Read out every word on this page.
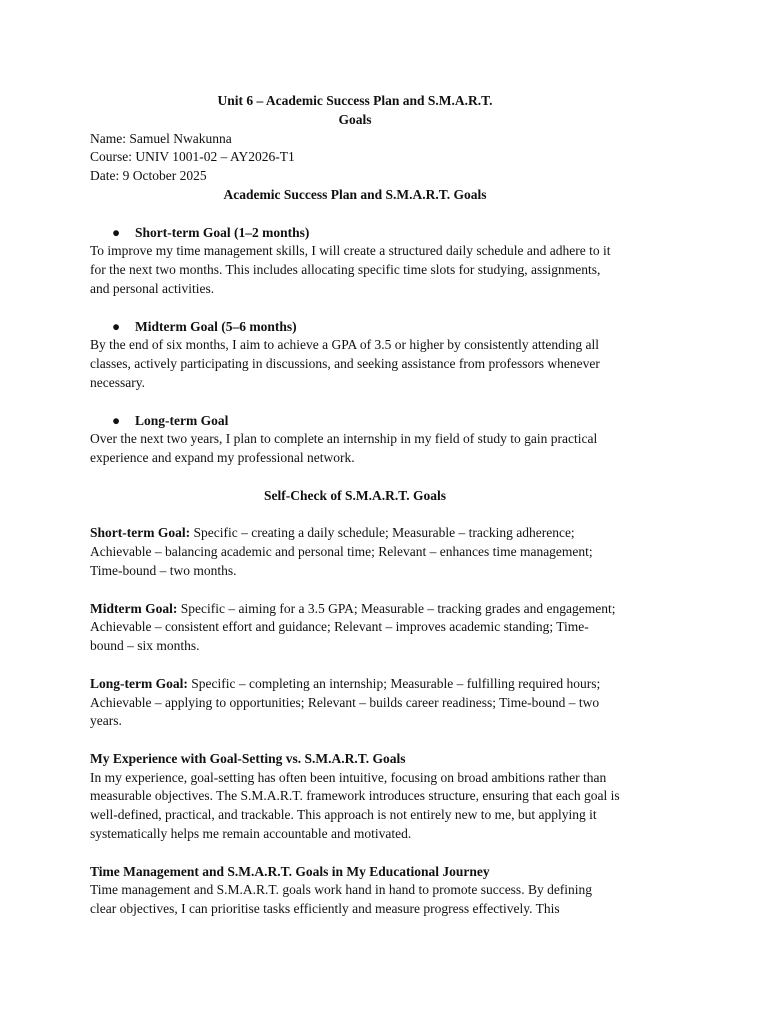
Unit 6 – Academic Success Plan and S.M.A.R.T. Goals

Name: Samuel Nwakunna

Course: UNIV 1001-02 – AY2026-T1

Date: 9 October 2025

Academic Success Plan and S.M.A.R.T. Goals
●	Short-term Goal (1–2 months)

To improve my time management skills, I will create a structured daily schedule and adhere to it for the next two months. This includes allocating specific time slots for studying, assignments, and personal activities.

●	Midterm Goal (5–6 months)

By the end of six months, I aim to achieve a GPA of 3.5 or higher by consistently attending all classes, actively participating in discussions, and seeking assistance from professors whenever necessary.

●	Long-term Goal

Over the next two years, I plan to complete an internship in my field of study to gain practical experience and expand my professional network.

Self-Check of S.M.A.R.T. Goals

Short-term Goal: Specific – creating a daily schedule; Measurable – tracking adherence; Achievable – balancing academic and personal time; Relevant – enhances time management; Time-bound – two months.

Midterm Goal: Specific – aiming for a 3.5 GPA; Measurable – tracking grades and engagement; Achievable – consistent effort and guidance; Relevant – improves academic standing; Time-bound – six months.

Long-term Goal: Specific – completing an internship; Measurable – fulfilling required hours; Achievable – applying to opportunities; Relevant – builds career readiness; Time-bound – two years.

My Experience with Goal-Setting vs. S.M.A.R.T. Goals

In my experience, goal-setting has often been intuitive, focusing on broad ambitions rather than measurable objectives. The S.M.A.R.T. framework introduces structure, ensuring that each goal is well-defined, practical, and trackable. This approach is not entirely new to me, but applying it systematically helps me remain accountable and motivated.

Time Management and S.M.A.R.T. Goals in My Educational Journey

Time management and S.M.A.R.T. goals work hand in hand to promote success. By defining clear objectives, I can prioritise tasks efficiently and measure progress effectively. This
